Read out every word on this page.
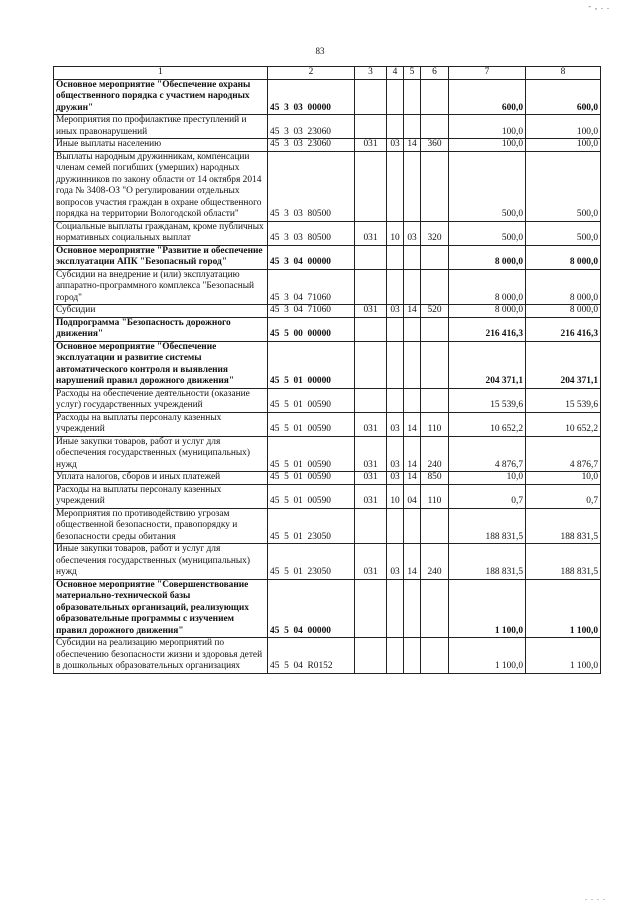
- , . .
83
1	2	3	4	5	6	7	8
Основное мероприятие "Обеспечение охраны общественного порядка с участием народных дружин"	45  3  03  00000					600,0	600,0
Мероприятия по профилактике преступлений и иных правонарушений	45  3  03  23060					100,0	100,0
Иные выплаты населению	45  3  03  23060	031	03	14	360	100,0	100,0
Выплаты народным дружинникам, компенсации членам семей погибших (умерших) народных дружинников по закону области от 14 октября 2014 года № 3408-ОЗ "О регулировании отдельных вопросов участия граждан в охране общественного порядка на территории Вологодской области"	45  3  03  80500					500,0	500,0
Социальные выплаты гражданам, кроме публичных нормативных социальных выплат	45  3  03  80500	031	10	03	320	500,0	500,0
Основное мероприятие "Развитие и обеспечение эксплуатации АПК "Безопасный город"	45  3  04  00000					8 000,0	8 000,0
Субсидии на внедрение и (или) эксплуатацию аппаратно-программного комплекса "Безопасный город"	45  3  04  71060					8 000,0	8 000,0
Субсидии	45  3  04  71060	031	03	14	520	8 000,0	8 000,0
Подпрограмма "Безопасность дорожного движения"	45  5  00  00000					216 416,3	216 416,3
Основное мероприятие "Обеспечение эксплуатации и развитие системы автоматического контроля и выявления нарушений правил дорожного движения"	45  5  01  00000					204 371,1	204 371,1
Расходы на обеспечение деятельности (оказание услуг) государственных учреждений	45  5  01  00590					15 539,6	15 539,6
Расходы на выплаты персоналу казенных учреждений	45  5  01  00590	031	03	14	110	10 652,2	10 652,2
Иные закупки товаров, работ и услуг для обеспечения государственных (муниципальных) нужд	45  5  01  00590	031	03	14	240	4 876,7	4 876,7
Уплата налогов, сборов и иных платежей	45  5  01  00590	031	03	14	850	10,0	10,0
Расходы на выплаты персоналу казенных учреждений	45  5  01  00590	031	10	04	110	0,7	0,7
Мероприятия по противодействию угрозам общественной безопасности, правопорядку и безопасности среды обитания	45  5  01  23050					188 831,5	188 831,5
Иные закупки товаров, работ и услуг для обеспечения государственных (муниципальных) нужд	45  5  01  23050	031	03	14	240	188 831,5	188 831,5
Основное мероприятие "Совершенствование материально-технической базы образовательных организаций, реализующих образовательные программы с изучением правил дорожного движения"	45  5  04  00000					1 100,0	1 100,0
Субсидии на реализацию мероприятий по обеспечению безопасности жизни и здоровья детей в дошкольных образовательных организациях	45  5  04  R0152					1 100,0	1 100,0
. . . .
